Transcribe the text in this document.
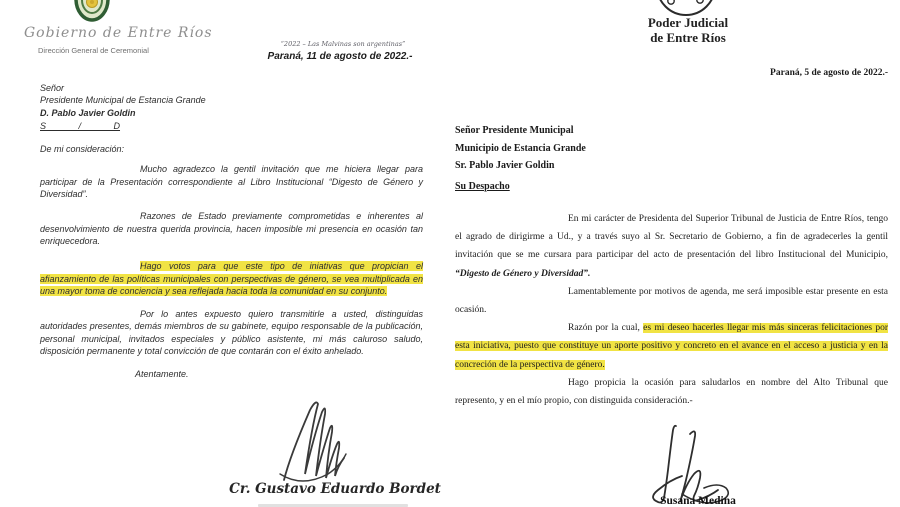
Gobierno de Entre Ríos
Dirección General de Ceremonial
“2022 – Las Malvinas son argentinas”
Paraná, 11 de agosto de 2022.-

Señor

Presidente Municipal de Estancia Grande

D. Pablo Javier Goldin

S             /             D

De mi consideración:

Mucho agradezco la gentil invitación que me hiciera llegar para participar de la Presentación correspondiente al Libro Institucional “Digesto de Género y Diversidad”.

Razones de Estado previamente comprometidas e inherentes al desenvolvimiento de nuestra querida provincia, hacen imposible mi presencia en ocasión tan enriquecedora.

Hago votos para que este tipo de iniativas que propician el afianzamiento de las políticas municipales con perspectivas de género, se vea multiplicada en una mayor toma de conciencia y sea reflejada hacia toda la comunidad en su conjunto.

Por lo antes expuesto quiero transmitirle a usted, distinguidas autoridades presentes, demás miembros de su gabinete, equipo responsable de la publicación, personal municipal, invitados especiales y público asistente, mi más caluroso saludo, disposición permanente y total convicción de que contarán con el éxito anhelado.

Atentamente.

Cr. Gustavo Eduardo Bordet
Poder Judicial
de Entre Ríos
Paraná, 5 de agosto de 2022.-
Señor Presidente Municipal
Municipio de Estancia Grande
Sr. Pablo Javier Goldin
Su Despacho

En mi carácter de Presidenta del Superior Tribunal de Justicia de Entre Ríos, tengo el agrado de dirigirme a Ud., y a través suyo al Sr. Secretario de Gobierno, a fin de agradecerles la gentil invitación que se me cursara para participar del acto de presentación del libro Institucional del Municipio, “Digesto de Género y Diversidad”.

Lamentablemente por motivos de agenda, me será imposible estar presente en esta ocasión.

Razón por la cual, es mi deseo hacerles llegar mis más sinceras felicitaciones por esta iniciativa, puesto que constituye un aporte positivo y concreto en el avance en el acceso a justicia y en la concreción de la perspectiva de género.

Hago propicia la ocasión para saludarlos en nombre del Alto Tribunal que represento, y en el mío propio, con distinguida consideración.-

Susana Medina
